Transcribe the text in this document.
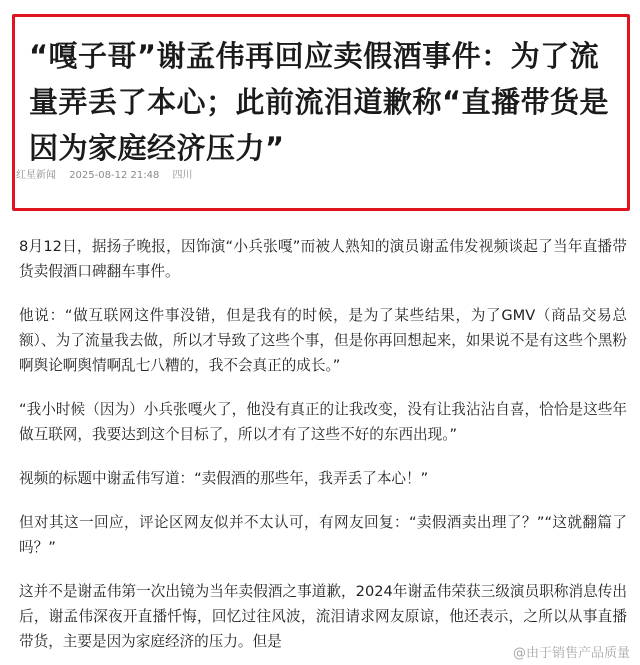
“嘎子哥”谢孟伟再回应卖假酒事件：为了流量弄丢了本心；此前流泪道歉称“直播带货是因为家庭经济压力”
红星新闻 2025-08-12 21:48 四川

8月12日，据扬子晚报，因饰演“小兵张嘎”而被人熟知的演员谢孟伟发视频谈起了当年直播带货卖假酒口碑翻车事件。

他说：“做互联网这件事没错，但是我有的时候，是为了某些结果，为了GMV（商品交易总额）、为了流量我去做，所以才导致了这些个事，但是你再回想起来，如果说不是有这些个黑粉啊舆论啊舆情啊乱七八糟的，我不会真正的成长。”

“我小时候（因为）小兵张嘎火了，他没有真正的让我改变，没有让我沾沾自喜，恰恰是这些年做互联网，我要达到这个目标了，所以才有了这些不好的东西出现。”

视频的标题中谢孟伟写道：“卖假酒的那些年，我弄丢了本心！”

但对其这一回应，评论区网友似并不太认可，有网友回复：“卖假酒卖出理了？”“这就翻篇了吗？”

这并不是谢孟伟第一次出镜为当年卖假酒之事道歉，2024年谢孟伟荣获三级演员职称消息传出后，谢孟伟深夜开直播忏悔，回忆过往风波，流泪请求网友原谅，他还表示，之所以从事直播带货，主要是因为家庭经济的压力。但是

@由于销售产品质量
